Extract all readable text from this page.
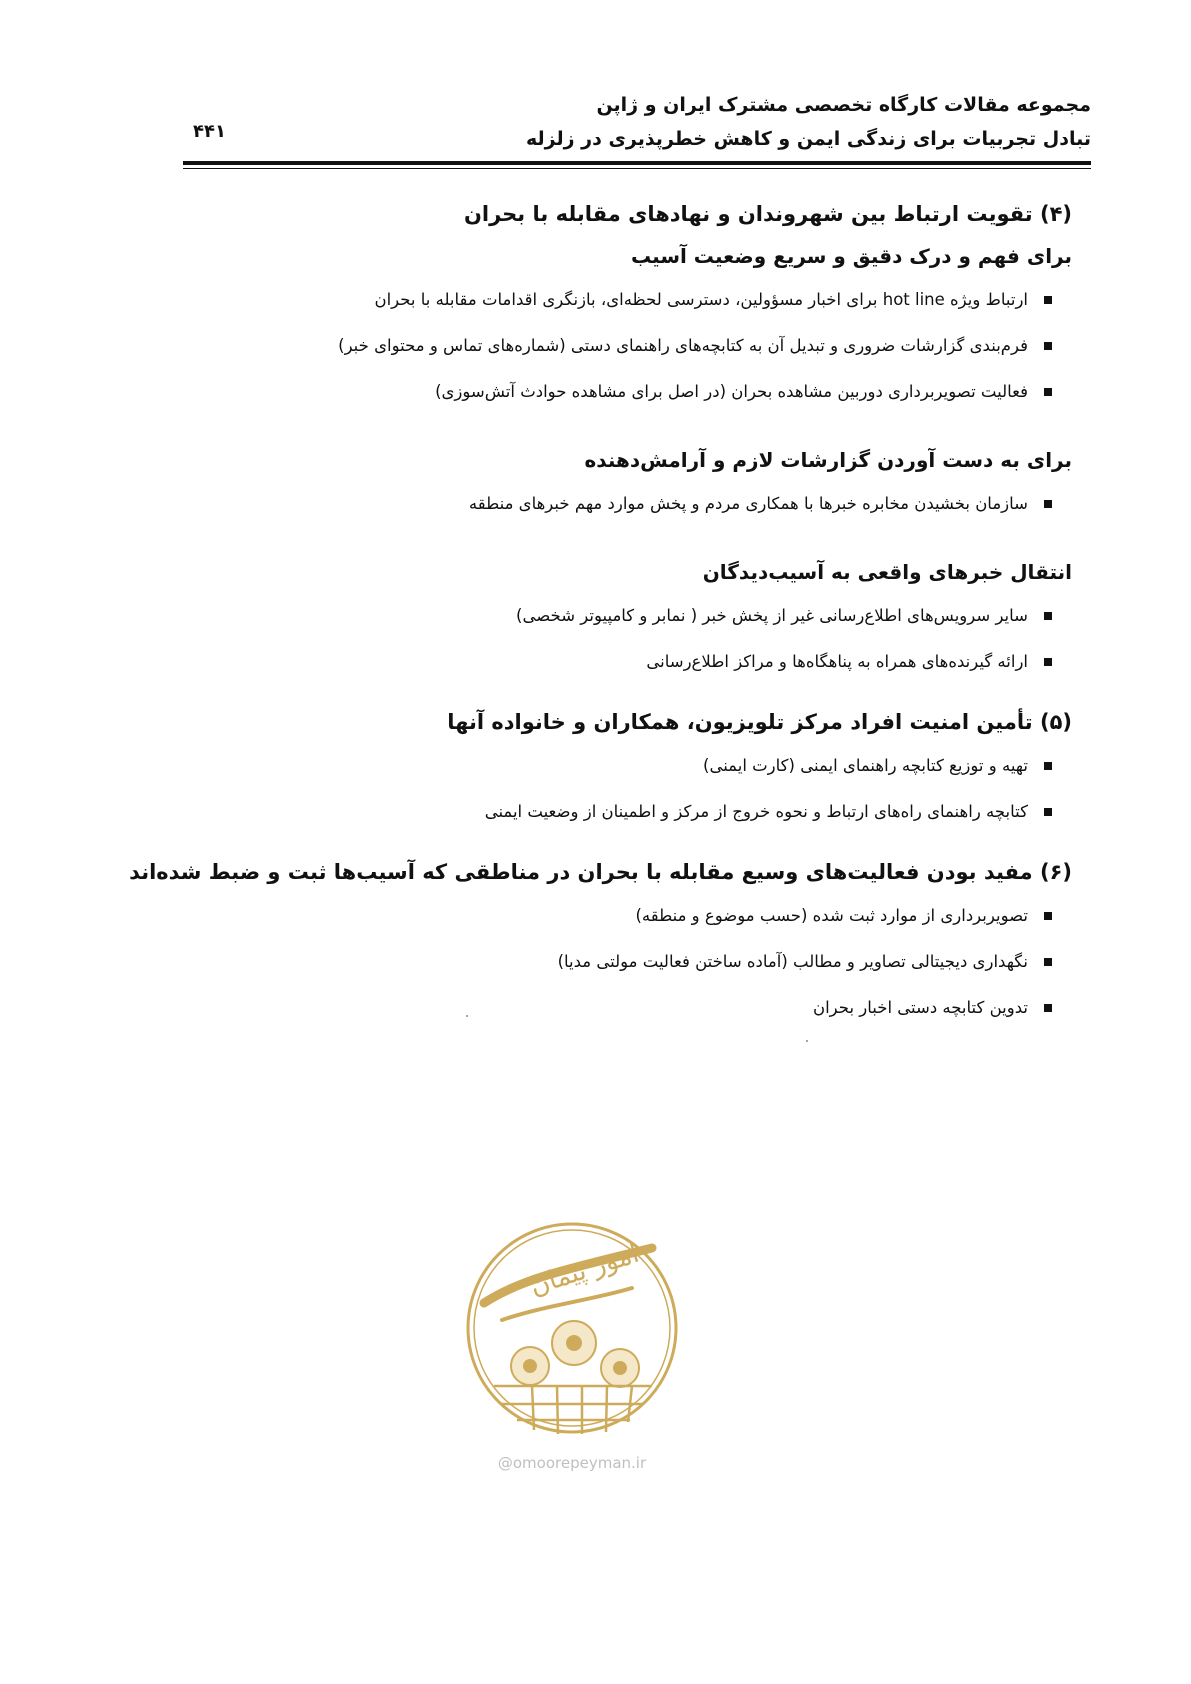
مجموعه مقالات کارگاه تخصصی مشترک ایران و ژاپن
تبادل تجربیات برای زندگی ایمن و کاهش خطرپذیری در زلزله
۴۴۱
(۴) تقویت ارتباط بین شهروندان و نهادهای مقابله با بحران
برای فهم و درک دقیق و سریع وضعیت آسیب
ارتباط ویژه hot line برای اخبار مسؤولین، دسترسی لحظه‌ای، بازنگری اقدامات مقابله با بحران
فرم‌بندی گزارشات ضروری و تبدیل آن به کتابچه‌های راهنمای دستی (شماره‌های تماس و محتوای خبر)
فعالیت تصویربرداری دوربین مشاهده بحران (در اصل برای مشاهده حوادث آتش‌سوزی)
برای به دست آوردن گزارشات لازم و آرامش‌دهنده
سازمان بخشیدن مخابره خبرها با همکاری مردم و پخش موارد مهم خبرهای منطقه
انتقال خبرهای واقعی به آسیب‌دیدگان
سایر سرویس‌های اطلاع‌رسانی غیر از پخش خبر ( نمابر و کامپیوتر شخصی)
ارائه گیرنده‌های همراه به پناهگاه‌ها و مراکز اطلاع‌رسانی
(۵) تأمین امنیت افراد مرکز تلویزیون، همکاران و خانواده آنها
تهیه و توزیع کتابچه راهنمای ایمنی (کارت ایمنی)
کتابچه راهنمای راه‌های ارتباط و نحوه خروج از مرکز و اطمینان از وضعیت ایمنی
(۶) مفید بودن فعالیت‌های وسیع مقابله با بحران در مناطقی که آسیب‌ها ثبت و ضبط شده‌اند
تصویربرداری از موارد ثبت شده (حسب موضوع و منطقه)
نگهداری دیجیتالی تصاویر و مطالب (آماده ساختن فعالیت مولتی مدیا)
تدوین کتابچه دستی اخبار بحران
امور پیمان
@omoorepeyman.ir
